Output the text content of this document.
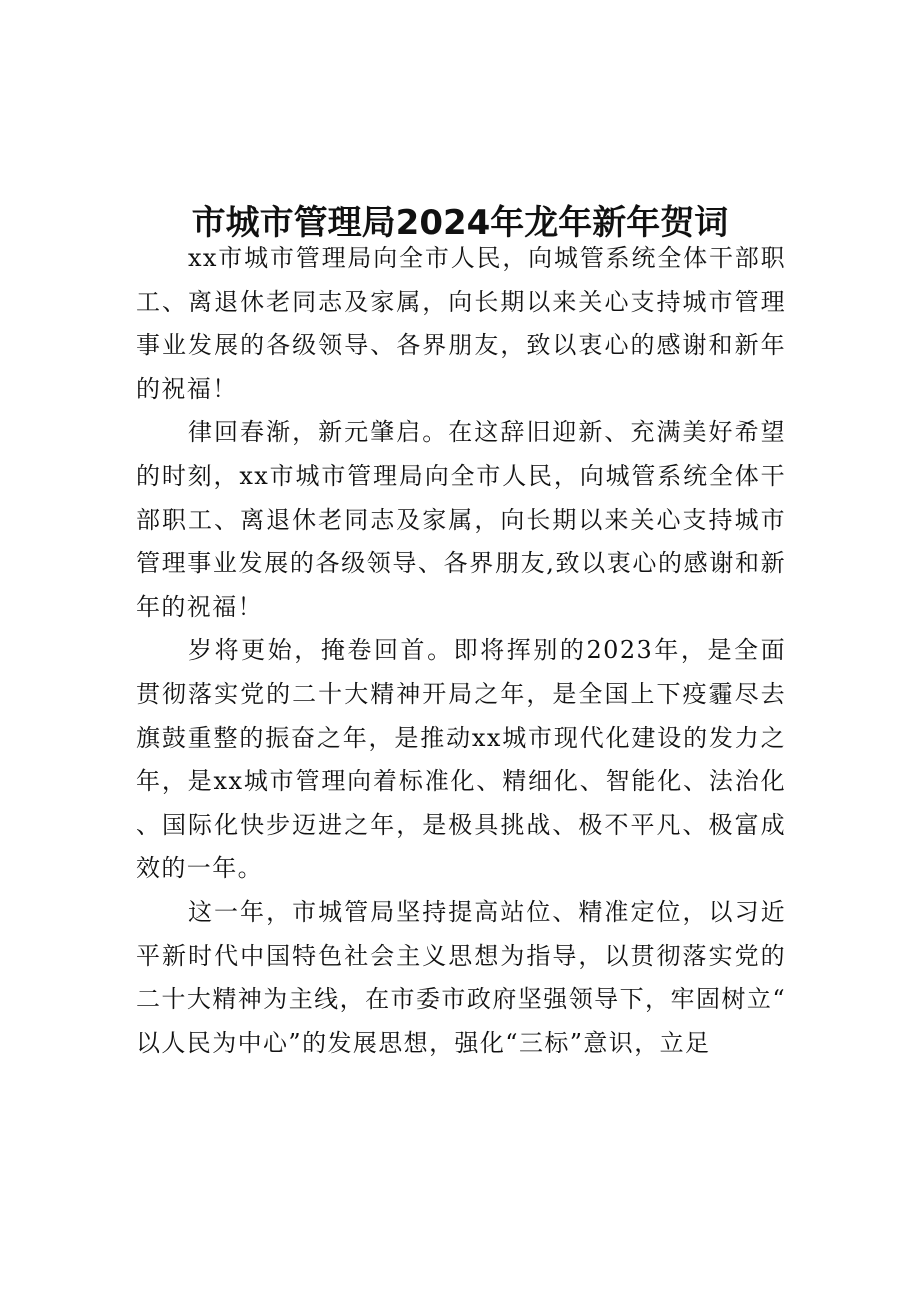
市城市管理局2024年龙年新年贺词

xx市城市管理局向全市人民，向城管系统全体干部职工、离退休老同志及家属，向长期以来关心支持城市管理事业发展的各级领导、各界朋友，致以衷心的感谢和新年的祝福！

律回春渐，新元肇启。在这辞旧迎新、充满美好希望的时刻，xx市城市管理局向全市人民，向城管系统全体干部职工、离退休老同志及家属，向长期以来关心支持城市管理事业发展的各级领导、各界朋友,致以衷心的感谢和新年的祝福！

岁将更始，掩卷回首。即将挥别的2023年，是全面贯彻落实党的二十大精神开局之年，是全国上下疫霾尽去旗鼓重整的振奋之年，是推动xx城市现代化建设的发力之年，是xx城市管理向着标准化、精细化、智能化、法治化、国际化快步迈进之年，是极具挑战、极不平凡、极富成效的一年。

这一年，市城管局坚持提高站位、精准定位，以习近平新时代中国特色社会主义思想为指导，以贯彻落实党的二十大精神为主线，在市委市政府坚强领导下，牢固树立“以人民为中心”的发展思想，强化“三标”意识，立足
